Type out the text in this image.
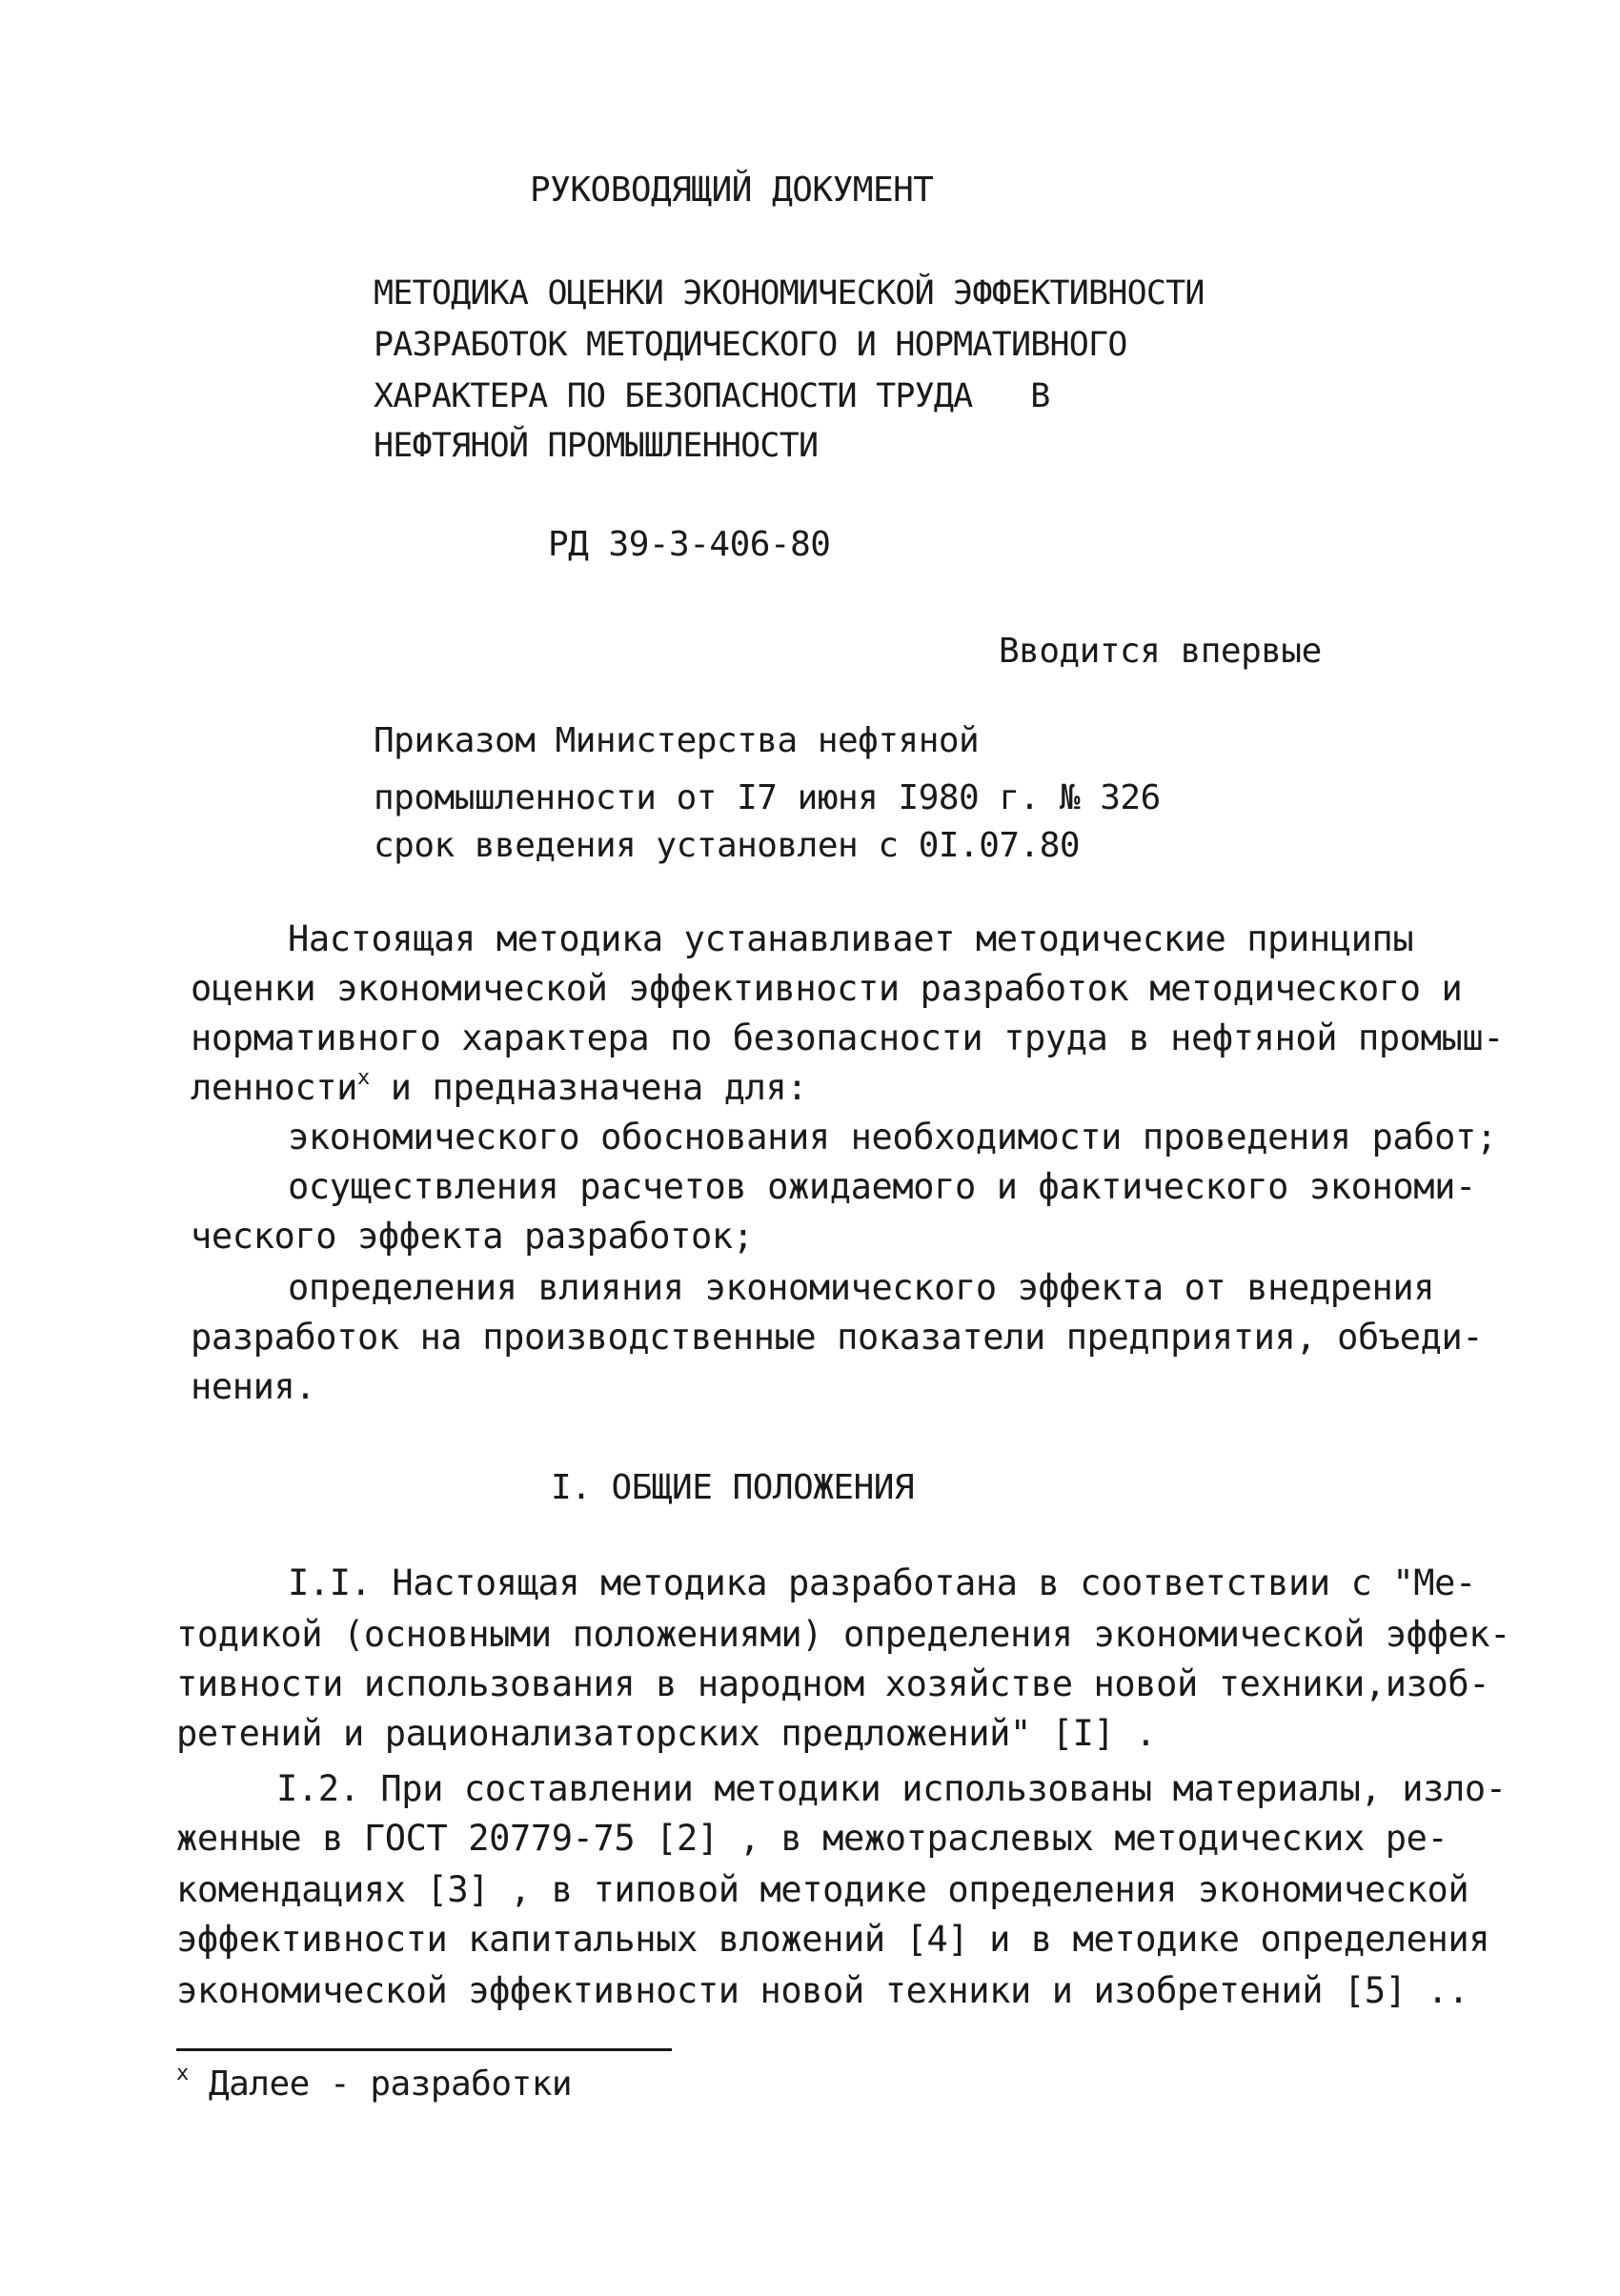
РУКОВОДЯЩИЙ ДОКУМЕНТ
МЕТОДИКА ОЦЕНКИ ЭКОНОМИЧЕСКОЙ ЭФФЕКТИВНОСТИ
РАЗРАБОТОК МЕТОДИЧЕСКОГО И НОРМАТИВНОГО
ХАРАКТЕРА ПО БЕЗОПАСНОСТИ ТРУДА   В
НЕФТЯНОЙ ПРОМЫШЛЕННОСТИ
РД 39-3-406-80
Вводится впервые
Приказом Министерства нефтяной
промышленности от I7 июня I980 г. № 326
срок введения установлен с 0I.07.80
Настоящая методика устанавливает методические принципы
оценки экономической эффективности разработок методического и
нормативного характера по безопасности труда в нефтяной промыш-
ленности$^x$ и предназначена для:
экономического обоснования необходимости проведения работ;
осуществления расчетов ожидаемого и фактического экономи-
ческого эффекта разработок;
определения влияния экономического эффекта от внедрения
разработок на производственные показатели предприятия, объеди-
нения.
I. ОБЩИЕ ПОЛОЖЕНИЯ
I.I. Настоящая методика разработана в соответствии с "Ме-
тодикой (основными положениями) определения экономической эффек-
тивности использования в народном хозяйстве новой техники,изоб-
ретений и рационализаторских предложений" [I] .
I.2. При составлении методики использованы материалы, изло-
женные в ГОСТ 20779-75 [2] , в межотраслевых методических ре-
комендациях [3] , в типовой методике определения экономической
эффективности капитальных вложений [4] и в методике определения
экономической эффективности новой техники и изобретений [5] ..
$^x$ Далее - разработки
